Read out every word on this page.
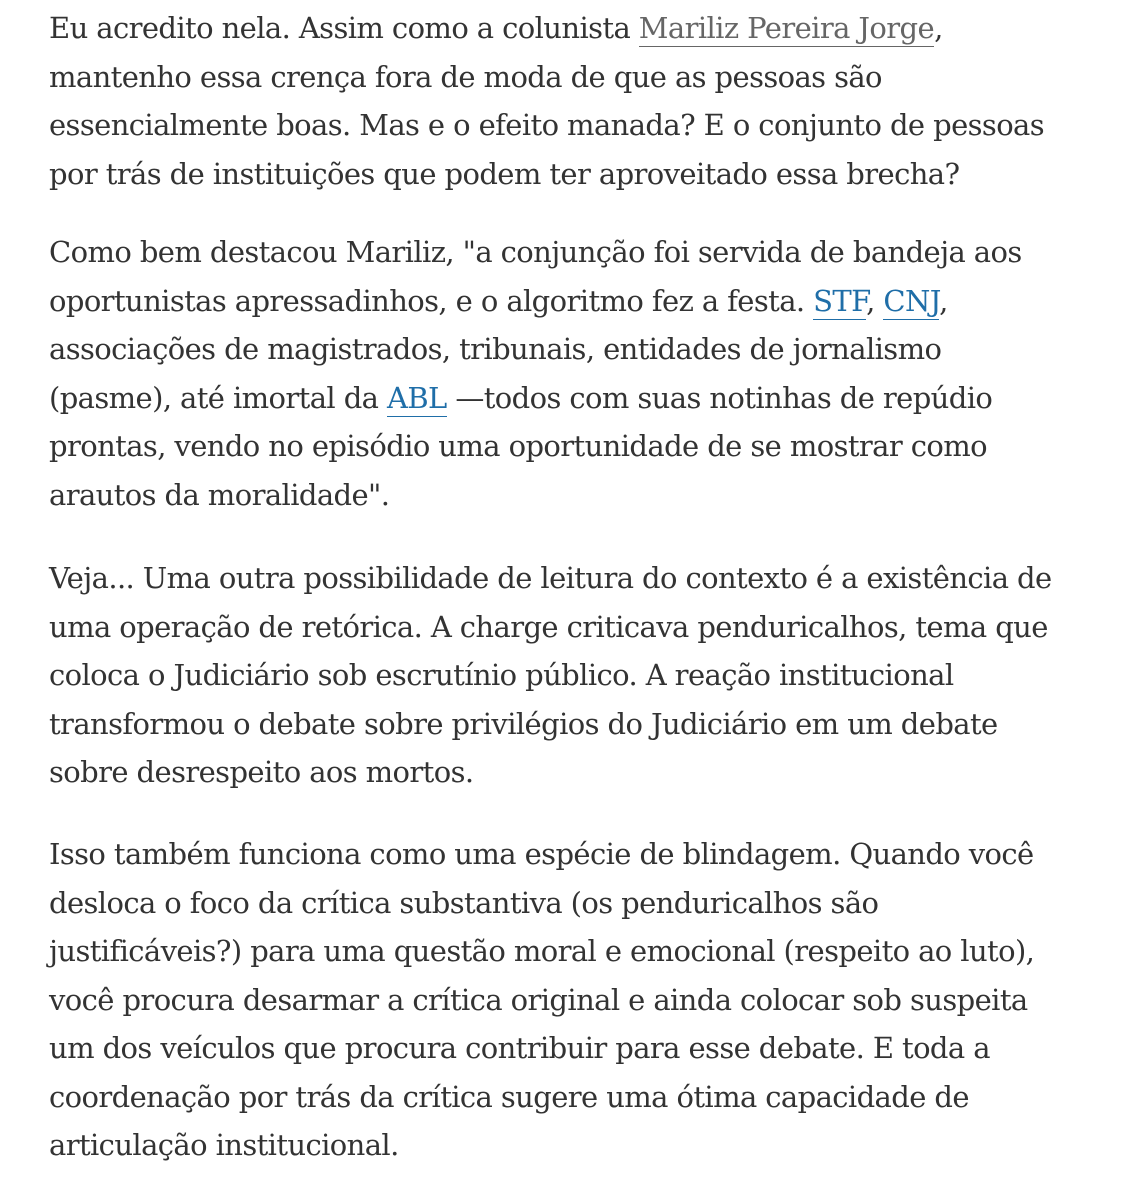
Eu acredito nela. Assim como a colunista Mariliz Pereira Jorge,
mantenho essa crença fora de moda de que as pessoas são
essencialmente boas. Mas e o efeito manada? E o conjunto de pessoas
por trás de instituições que podem ter aproveitado essa brecha?

Como bem destacou Mariliz, "a conjunção foi servida de bandeja aos
oportunistas apressadinhos, e o algoritmo fez a festa. STF, CNJ,
associações de magistrados, tribunais, entidades de jornalismo
(pasme), até imortal da ABL —todos com suas notinhas de repúdio
prontas, vendo no episódio uma oportunidade de se mostrar como
arautos da moralidade".

Veja... Uma outra possibilidade de leitura do contexto é a existência de
uma operação de retórica. A charge criticava penduricalhos, tema que
coloca o Judiciário sob escrutínio público. A reação institucional
transformou o debate sobre privilégios do Judiciário em um debate
sobre desrespeito aos mortos.

Isso também funciona como uma espécie de blindagem. Quando você
desloca o foco da crítica substantiva (os penduricalhos são
justificáveis?) para uma questão moral e emocional (respeito ao luto),
você procura desarmar a crítica original e ainda colocar sob suspeita
um dos veículos que procura contribuir para esse debate. E toda a
coordenação por trás da crítica sugere uma ótima capacidade de
articulação institucional.
